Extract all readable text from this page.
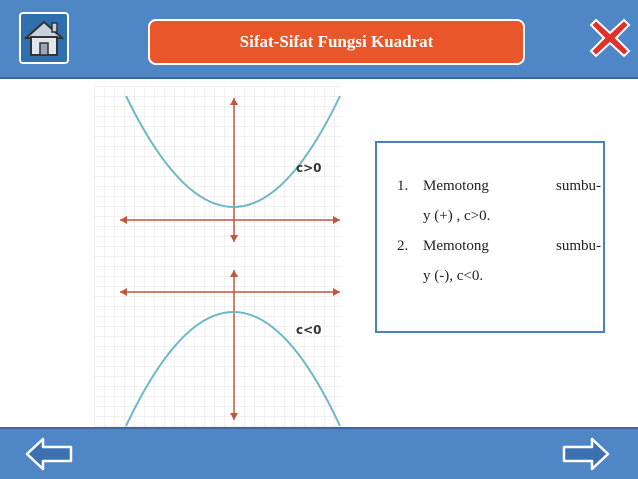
Sifat-Sifat Fungsi Kuadrat
c>0
c<0
1. Memotong sumbu-
y (+) , c>0.
2. Memotong sumbu-
y (-), c<0.
